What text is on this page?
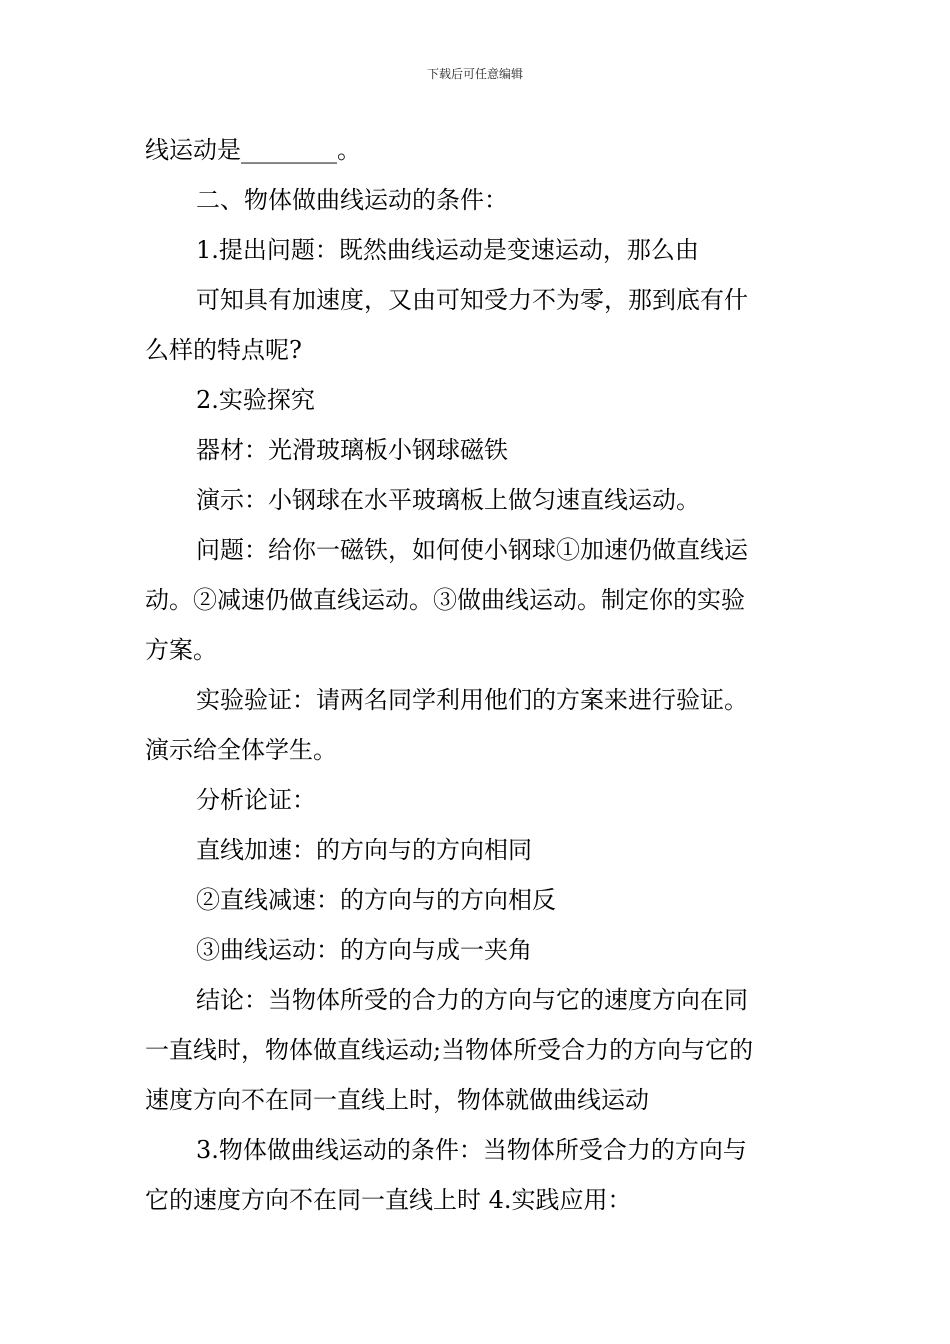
下载后可任意编辑

线运动是________。

二、物体做曲线运动的条件：

1.提出问题：既然曲线运动是变速运动，那么由

可知具有加速度，又由可知受力不为零，那到底有什

么样的特点呢?

2.实验探究

器材：光滑玻璃板小钢球磁铁

演示：小钢球在水平玻璃板上做匀速直线运动。

问题：给你一磁铁，如何使小钢球①加速仍做直线运

动。②减速仍做直线运动。③做曲线运动。制定你的实验

方案。

实验验证：请两名同学利用他们的方案来进行验证。

演示给全体学生。

分析论证：

直线加速：的方向与的方向相同

②直线减速：的方向与的方向相反

③曲线运动：的方向与成一夹角

结论：当物体所受的合力的方向与它的速度方向在同

一直线时，物体做直线运动;当物体所受合力的方向与它的

速度方向不在同一直线上时，物体就做曲线运动

3.物体做曲线运动的条件：当物体所受合力的方向与

它的速度方向不在同一直线上时 4.实践应用：
